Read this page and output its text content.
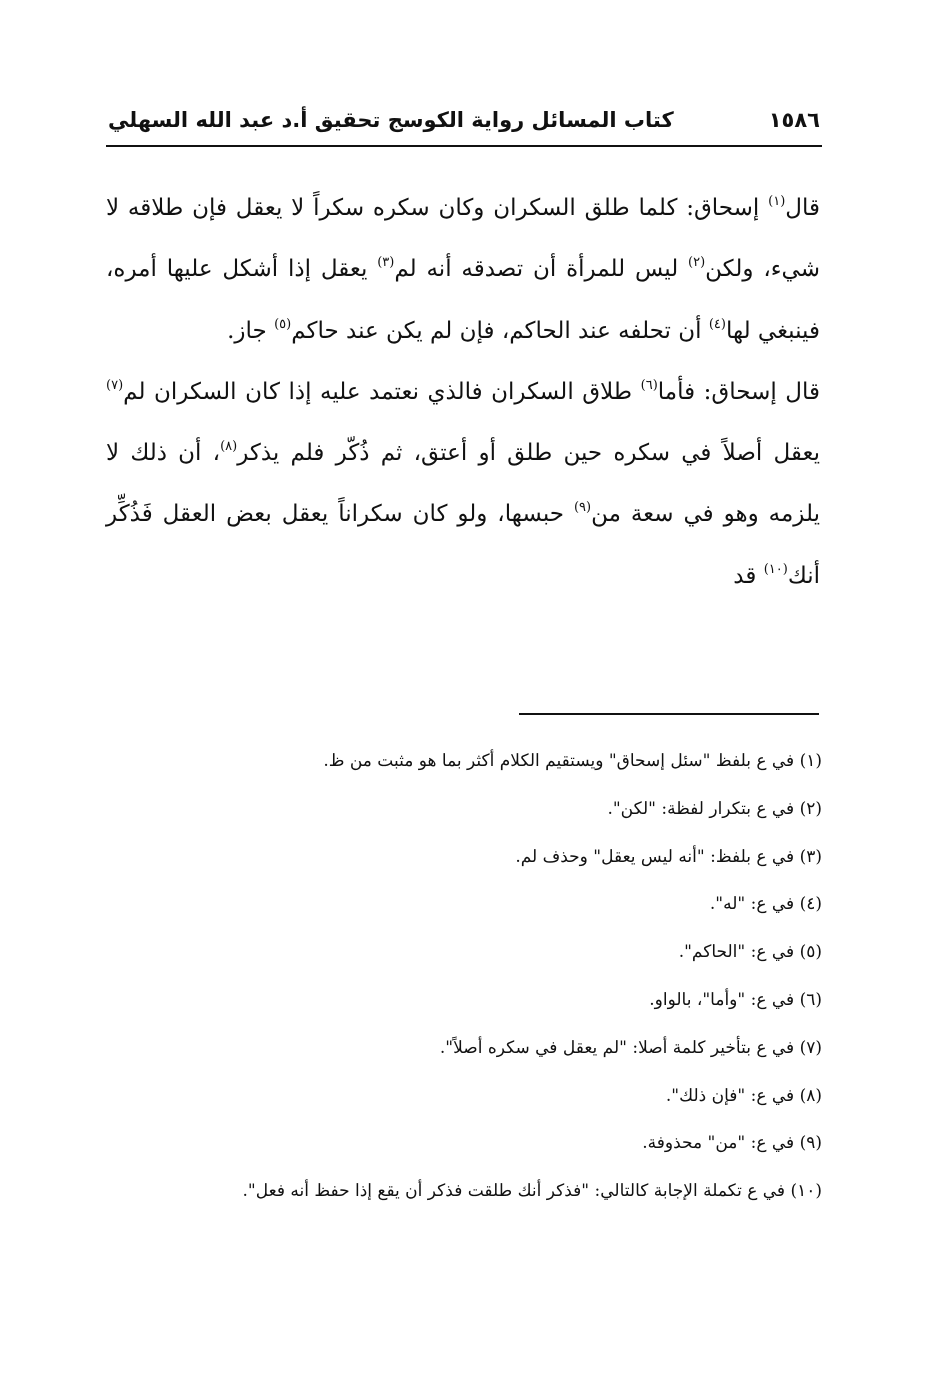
١٥٨٦
كتاب المسائل رواية الكوسج تحقيق أ.د عبد الله السهلي

قال$^{(١)}$ إسحاق: كلما طلق السكران وكان سكره سكراً لا يعقل فإن طلاقه لا شيء، ولكن$^{(٢)}$ ليس للمرأة أن تصدقه أنه لم$^{(٣)}$ يعقل إذا أشكل عليها أمره، فينبغي لها$^{(٤)}$ أن تحلفه عند الحاكم، فإن لم يكن عند حاكم$^{(٥)}$ جاز.

قال إسحاق: فأما$^{(٦)}$ طلاق السكران فالذي نعتمد عليه إذا كان السكران لم$^{(٧)}$ يعقل أصلاً في سكره حين طلق أو أعتق، ثم ذُكّر فلم يذكر$^{(٨)}$، أن ذلك لا يلزمه وهو في سعة من$^{(٩)}$ حبسها، ولو كان سكراناً يعقل بعض العقل فَذُكِّر أنك$^{(١٠)}$ قد

(١) في ع بلفظ "سئل إسحاق" ويستقيم الكلام أكثر بما هو مثبت من ظ.

(٢) في ع بتكرار لفظة: "لكن".

(٣) في ع بلفظ: "أنه ليس يعقل" وحذف لم.

(٤) في ع: "له".

(٥) في ع: "الحاكم".

(٦) في ع: "وأما"، بالواو.

(٧) في ع بتأخير كلمة أصلا: "لم يعقل في سكره أصلاً".

(٨) في ع: "فإن ذلك".

(٩) في ع: "من" محذوفة.

(١٠) في ع تكملة الإجابة كالتالي: "فذكر أنك طلقت فذكر أن يقع إذا حفظ أنه فعل".
